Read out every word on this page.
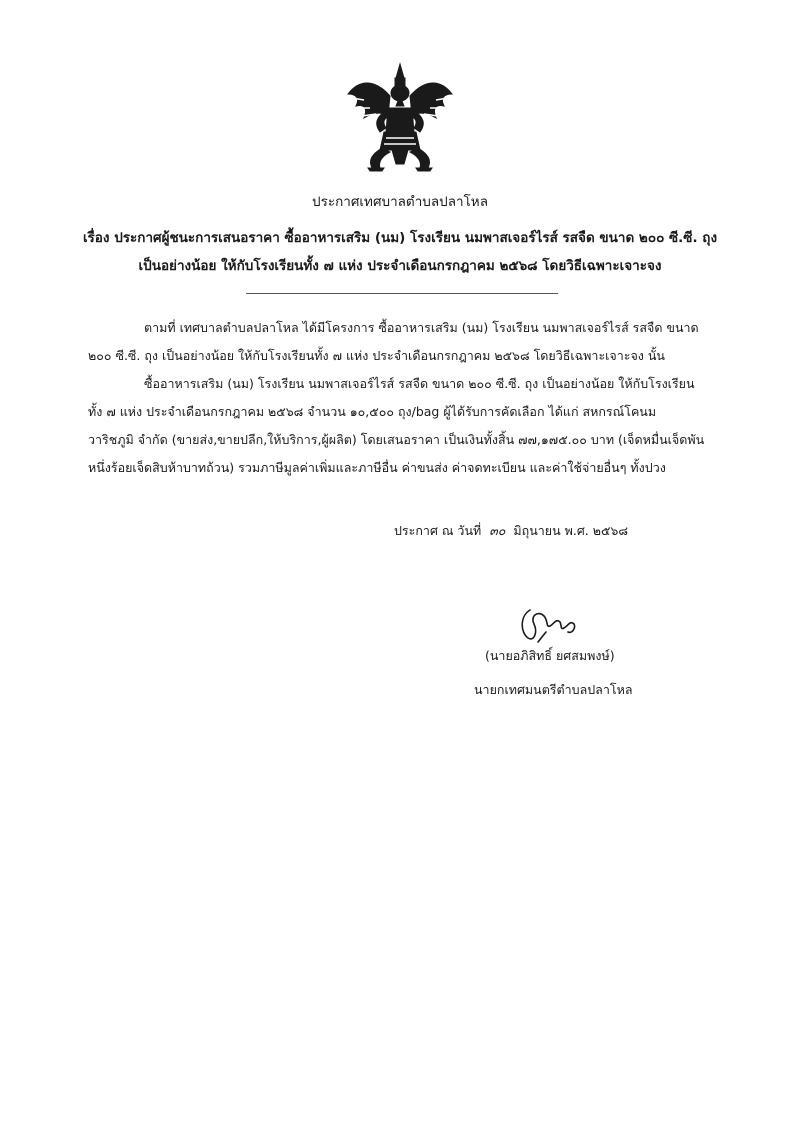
ประกาศเทศบาลตำบลปลาโหล
เรื่อง ประกาศผู้ชนะการเสนอราคา ซื้ออาหารเสริม (นม) โรงเรียน นมพาสเจอร์ไรส์ รสจืด ขนาด ๒๐๐ ซี.ซี. ถุง
เป็นอย่างน้อย ให้กับโรงเรียนทั้ง ๗ แห่ง ประจำเดือนกรกฎาคม ๒๕๖๘ โดยวิธีเฉพาะเจาะจง
ตามที่ เทศบาลตำบลปลาโหล ได้มีโครงการ ซื้ออาหารเสริม (นม) โรงเรียน นมพาสเจอร์ไรส์ รสจืด ขนาด
๒๐๐ ซี.ซี. ถุง เป็นอย่างน้อย ให้กับโรงเรียนทั้ง ๗ แห่ง ประจำเดือนกรกฎาคม ๒๕๖๘ โดยวิธีเฉพาะเจาะจง นั้น
ซื้ออาหารเสริม (นม) โรงเรียน นมพาสเจอร์ไรส์ รสจืด ขนาด ๒๐๐ ซี.ซี. ถุง เป็นอย่างน้อย ให้กับโรงเรียน
ทั้ง ๗ แห่ง ประจำเดือนกรกฎาคม ๒๕๖๘ จำนวน ๑๐,๕๐๐ ถุง/bag ผู้ได้รับการคัดเลือก ได้แก่ สหกรณ์โคนม
วาริชภูมิ จำกัด (ขายส่ง,ขายปลีก,ให้บริการ,ผู้ผลิต) โดยเสนอราคา เป็นเงินทั้งสิ้น ๗๗,๑๗๕.๐๐ บาท (เจ็ดหมื่นเจ็ดพัน
หนึ่งร้อยเจ็ดสิบห้าบาทถ้วน) รวมภาษีมูลค่าเพิ่มและภาษีอื่น ค่าขนส่ง ค่าจดทะเบียน และค่าใช้จ่ายอื่นๆ ทั้งปวง
ประกาศ ณ วันที่ ๓๐ มิถุนายน พ.ศ. ๒๕๖๘
(นายอภิสิทธิ์ ยศสมพงษ์)
นายกเทศมนตรีตำบลปลาโหล
